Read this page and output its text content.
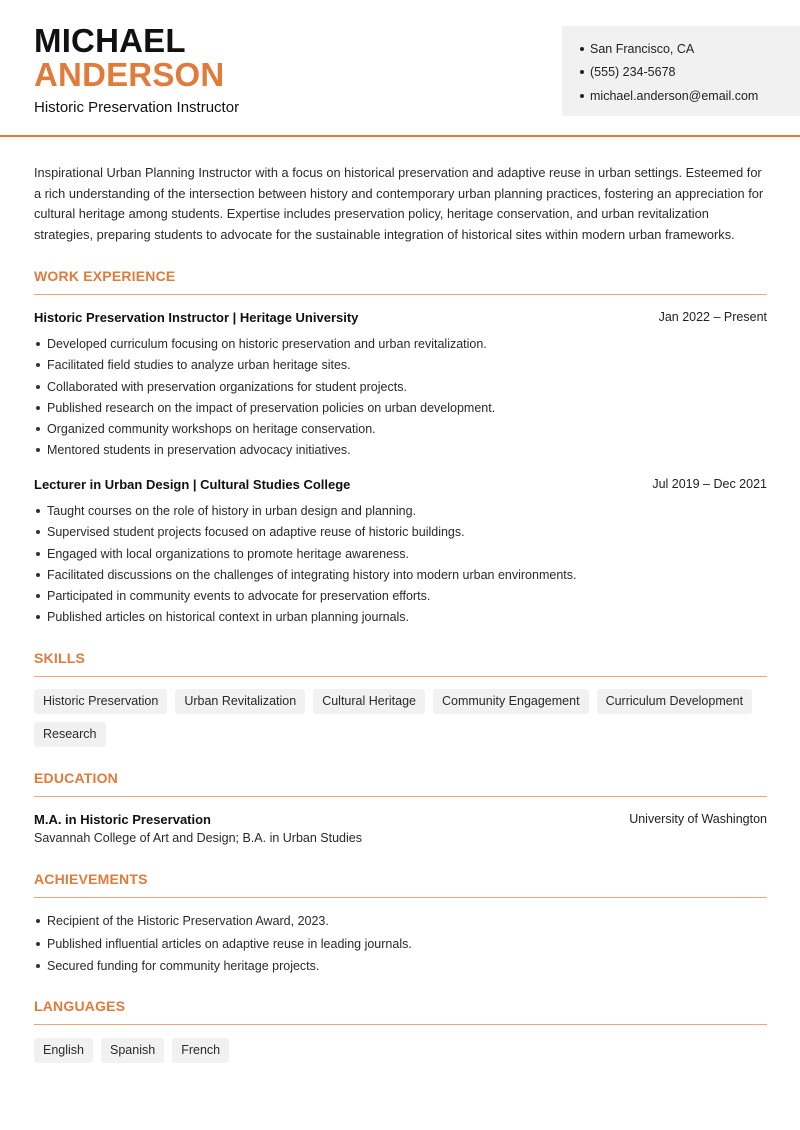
MICHAEL
ANDERSON
Historic Preservation Instructor
San Francisco, CA
(555) 234-5678
michael.anderson@email.com

Inspirational Urban Planning Instructor with a focus on historical preservation and adaptive reuse in urban settings. Esteemed for a rich understanding of the intersection between history and contemporary urban planning practices, fostering an appreciation for cultural heritage among students. Expertise includes preservation policy, heritage conservation, and urban revitalization strategies, preparing students to advocate for the sustainable integration of historical sites within modern urban frameworks.

WORK EXPERIENCE
Historic Preservation Instructor | Heritage University	Jan 2022 – Present
Developed curriculum focusing on historic preservation and urban revitalization.
Facilitated field studies to analyze urban heritage sites.
Collaborated with preservation organizations for student projects.
Published research on the impact of preservation policies on urban development.
Organized community workshops on heritage conservation.
Mentored students in preservation advocacy initiatives.
Lecturer in Urban Design | Cultural Studies College	Jul 2019 – Dec 2021
Taught courses on the role of history in urban design and planning.
Supervised student projects focused on adaptive reuse of historic buildings.
Engaged with local organizations to promote heritage awareness.
Facilitated discussions on the challenges of integrating history into modern urban environments.
Participated in community events to advocate for preservation efforts.
Published articles on historical context in urban planning journals.
SKILLS
Historic Preservation	Urban Revitalization	Cultural Heritage	Community Engagement	Curriculum Development
Research
EDUCATION
M.A. in Historic Preservation	University of Washington
Savannah College of Art and Design; B.A. in Urban Studies
ACHIEVEMENTS
Recipient of the Historic Preservation Award, 2023.
Published influential articles on adaptive reuse in leading journals.
Secured funding for community heritage projects.
LANGUAGES
English	Spanish	French
